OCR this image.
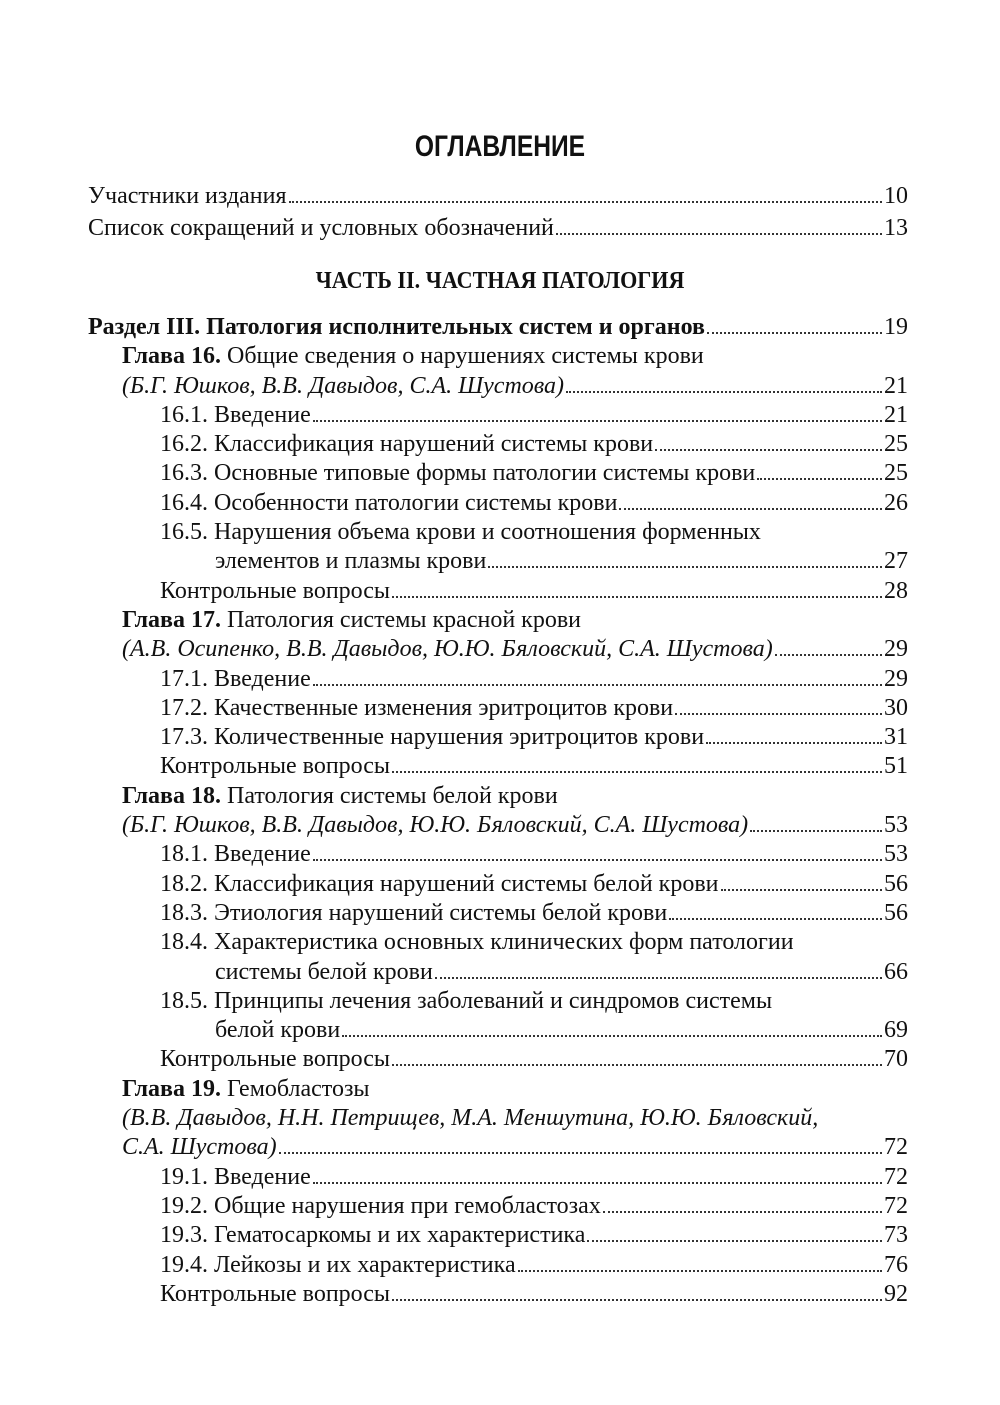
ОГЛАВЛЕНИЕ
Участники издания	10
Список сокращений и условных обозначений	13
ЧАСТЬ II. ЧАСТНАЯ ПАТОЛОГИЯ
Раздел III. Патология исполнительных систем и органов	19
Глава 16. Общие сведения о нарушениях системы крови
(Б.Г. Юшков, В.В. Давыдов, С.А. Шустова)	21
16.1. Введение	21
16.2. Классификация нарушений системы крови	25
16.3. Основные типовые формы патологии системы крови	25
16.4. Особенности патологии системы крови	26
16.5. Нарушения объема крови и соотношения форменных
элементов и плазмы крови	27
Контрольные вопросы	28
Глава 17. Патология системы красной крови
(А.В. Осипенко, В.В. Давыдов, Ю.Ю. Бяловский, С.А. Шустова)	29
17.1. Введение	29
17.2. Качественные изменения эритроцитов крови	30
17.3. Количественные нарушения эритроцитов крови	31
Контрольные вопросы	51
Глава 18. Патология системы белой крови
(Б.Г. Юшков, В.В. Давыдов, Ю.Ю. Бяловский, С.А. Шустова)	53
18.1. Введение	53
18.2. Классификация нарушений системы белой крови	56
18.3. Этиология нарушений системы белой крови	56
18.4. Характеристика основных клинических форм патологии
системы белой крови	66
18.5. Принципы лечения заболеваний и синдромов системы
белой крови	69
Контрольные вопросы	70
Глава 19. Гемобластозы
(В.В. Давыдов, Н.Н. Петрищев, М.А. Меншутина, Ю.Ю. Бяловский,
С.А. Шустова)	72
19.1. Введение	72
19.2. Общие нарушения при гемобластозах	72
19.3. Гематосаркомы и их характеристика	73
19.4. Лейкозы и их характеристика	76
Контрольные вопросы	92
